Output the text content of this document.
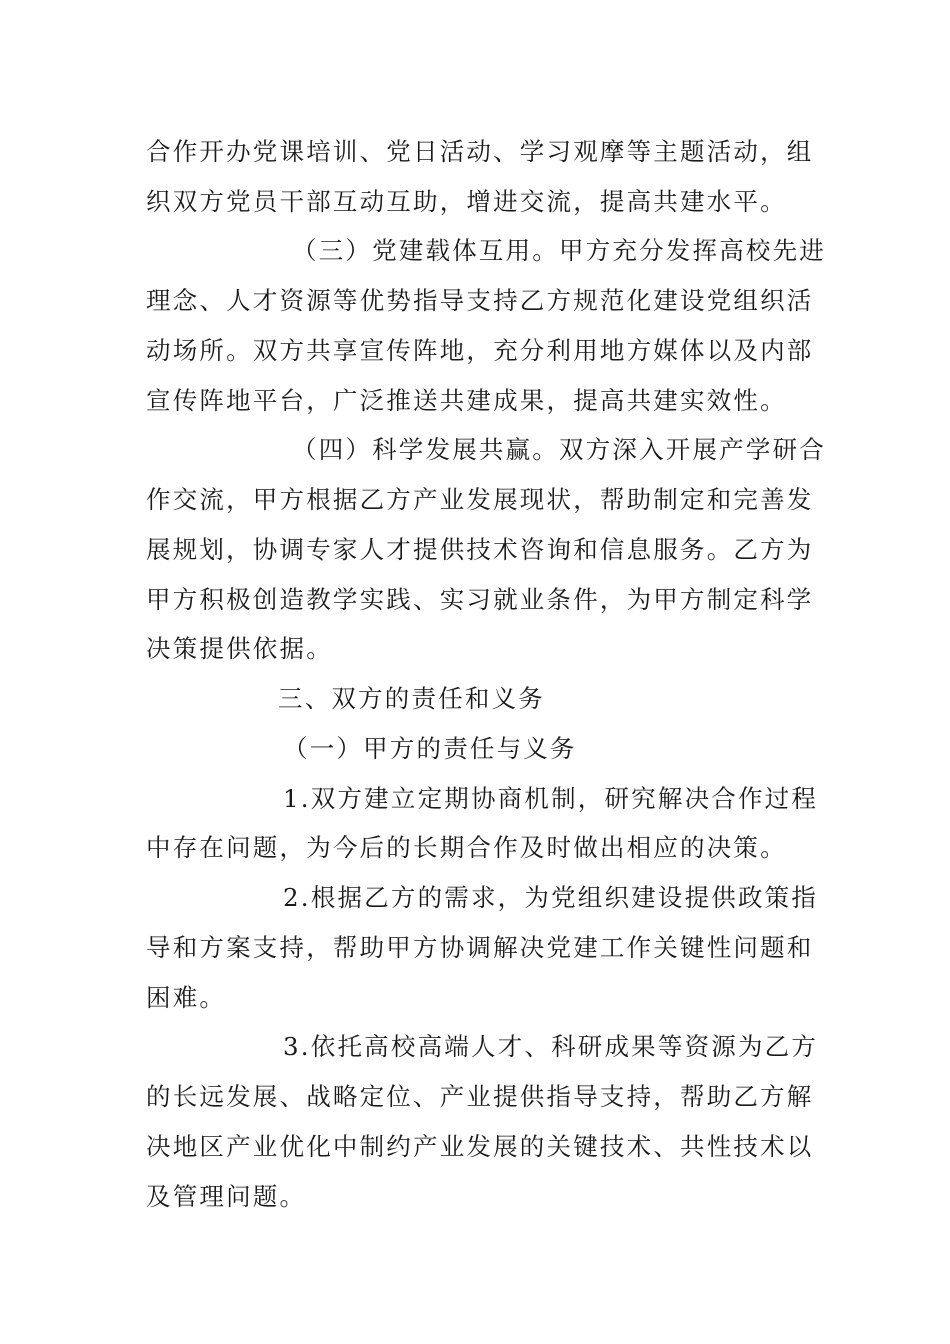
合作开办党课培训、党日活动、学习观摩等主题活动，组
织双方党员干部互动互助，增进交流，提高共建水平。
（三）党建载体互用。甲方充分发挥高校先进
理念、人才资源等优势指导支持乙方规范化建设党组织活
动场所。双方共享宣传阵地，充分利用地方媒体以及内部
宣传阵地平台，广泛推送共建成果，提高共建实效性。
（四）科学发展共赢。双方深入开展产学研合
作交流，甲方根据乙方产业发展现状，帮助制定和完善发
展规划，协调专家人才提供技术咨询和信息服务。乙方为
甲方积极创造教学实践、实习就业条件，为甲方制定科学
决策提供依据。
三、双方的责任和义务
（一）甲方的责任与义务
1.双方建立定期协商机制，研究解决合作过程
中存在问题，为今后的长期合作及时做出相应的决策。
2.根据乙方的需求，为党组织建设提供政策指
导和方案支持，帮助甲方协调解决党建工作关键性问题和
困难。
3.依托高校高端人才、科研成果等资源为乙方
的长远发展、战略定位、产业提供指导支持，帮助乙方解
决地区产业优化中制约产业发展的关键技术、共性技术以
及管理问题。
